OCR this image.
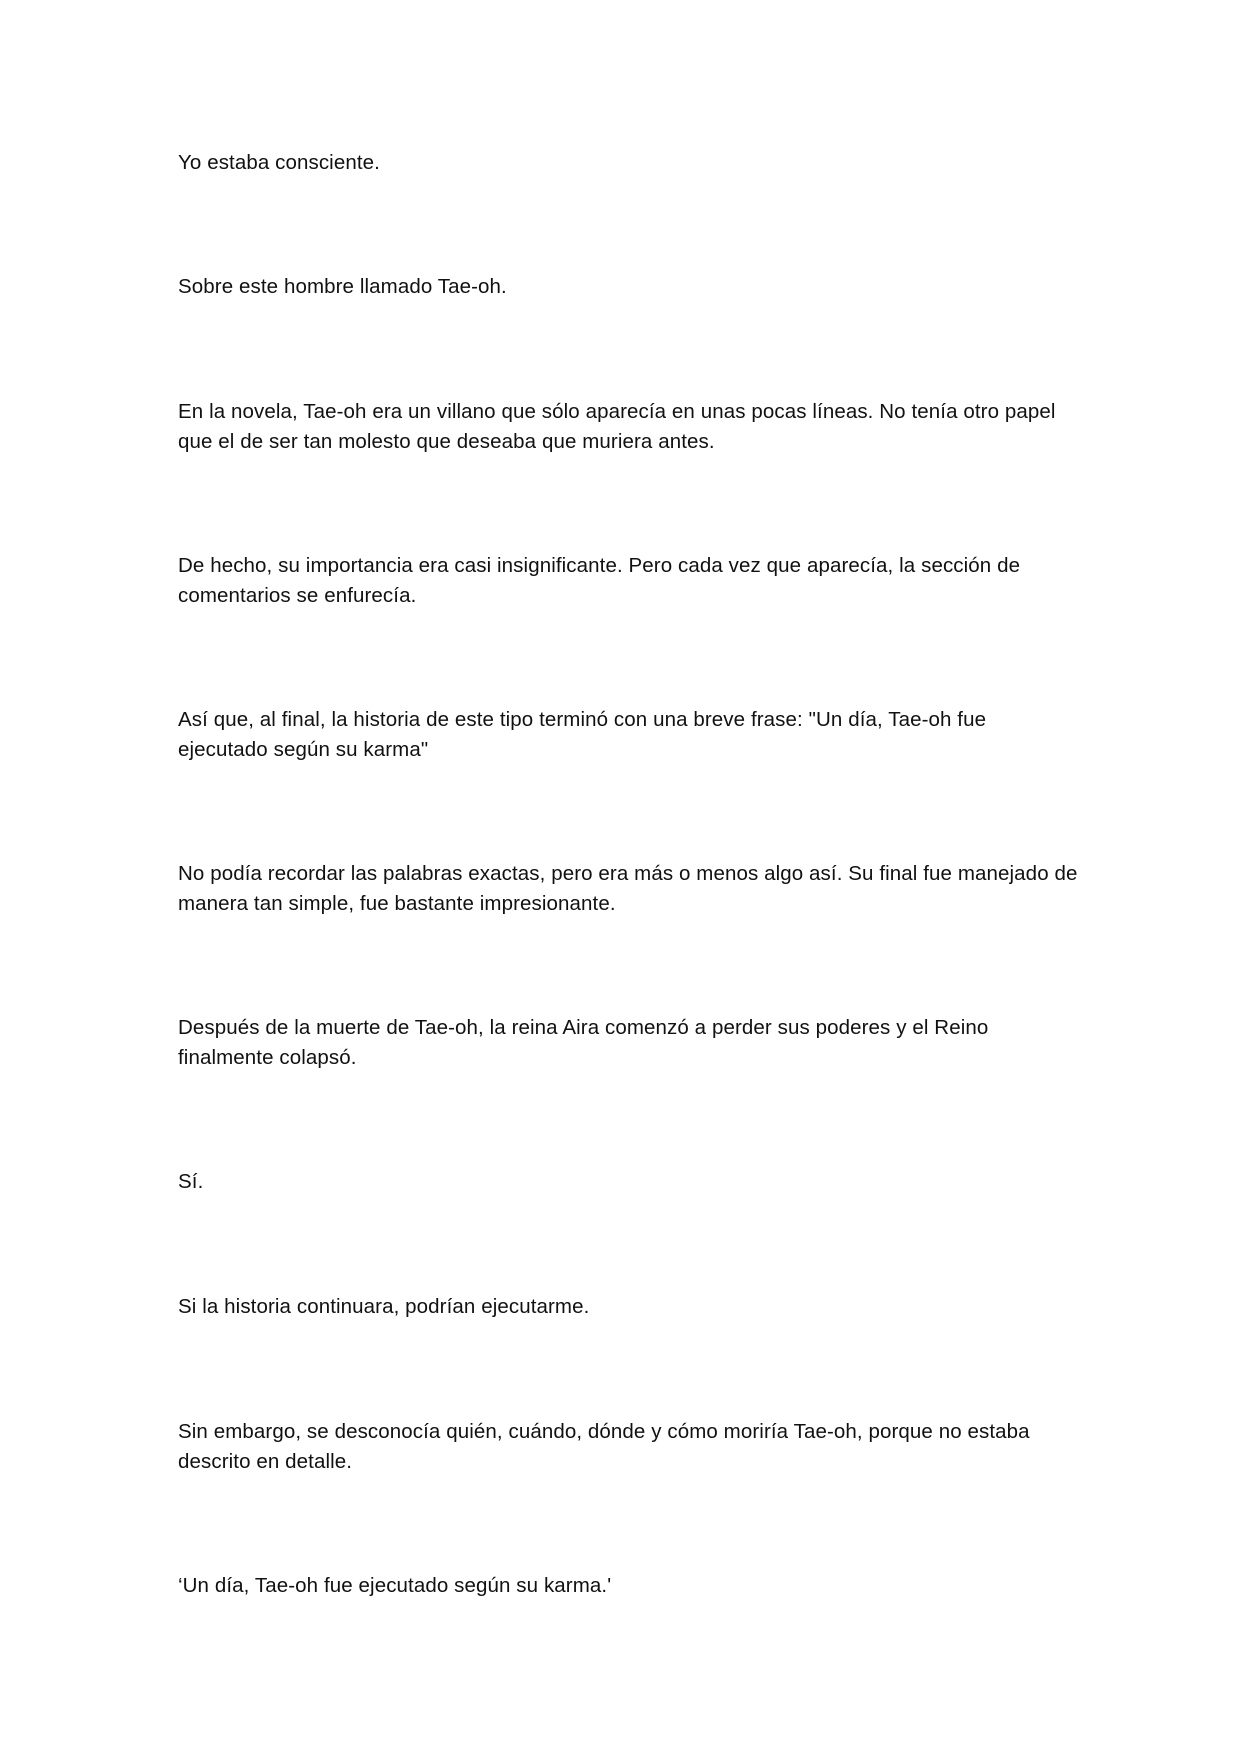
Yo estaba consciente.

Sobre este hombre llamado Tae-oh.

En la novela, Tae-oh era un villano que sólo aparecía en unas pocas líneas. No tenía otro papel que el de ser tan molesto que deseaba que muriera antes.

De hecho, su importancia era casi insignificante. Pero cada vez que aparecía, la sección de comentarios se enfurecía.

Así que, al final, la historia de este tipo terminó con una breve frase: "Un día, Tae-oh fue ejecutado según su karma"

No podía recordar las palabras exactas, pero era más o menos algo así. Su final fue manejado de manera tan simple, fue bastante impresionante.

Después de la muerte de Tae-oh, la reina Aira comenzó a perder sus poderes y el Reino finalmente colapsó.

Sí.

Si la historia continuara, podrían ejecutarme.

Sin embargo, se desconocía quién, cuándo, dónde y cómo moriría Tae-oh, porque no estaba descrito en detalle.

‘Un día, Tae-oh fue ejecutado según su karma.'
